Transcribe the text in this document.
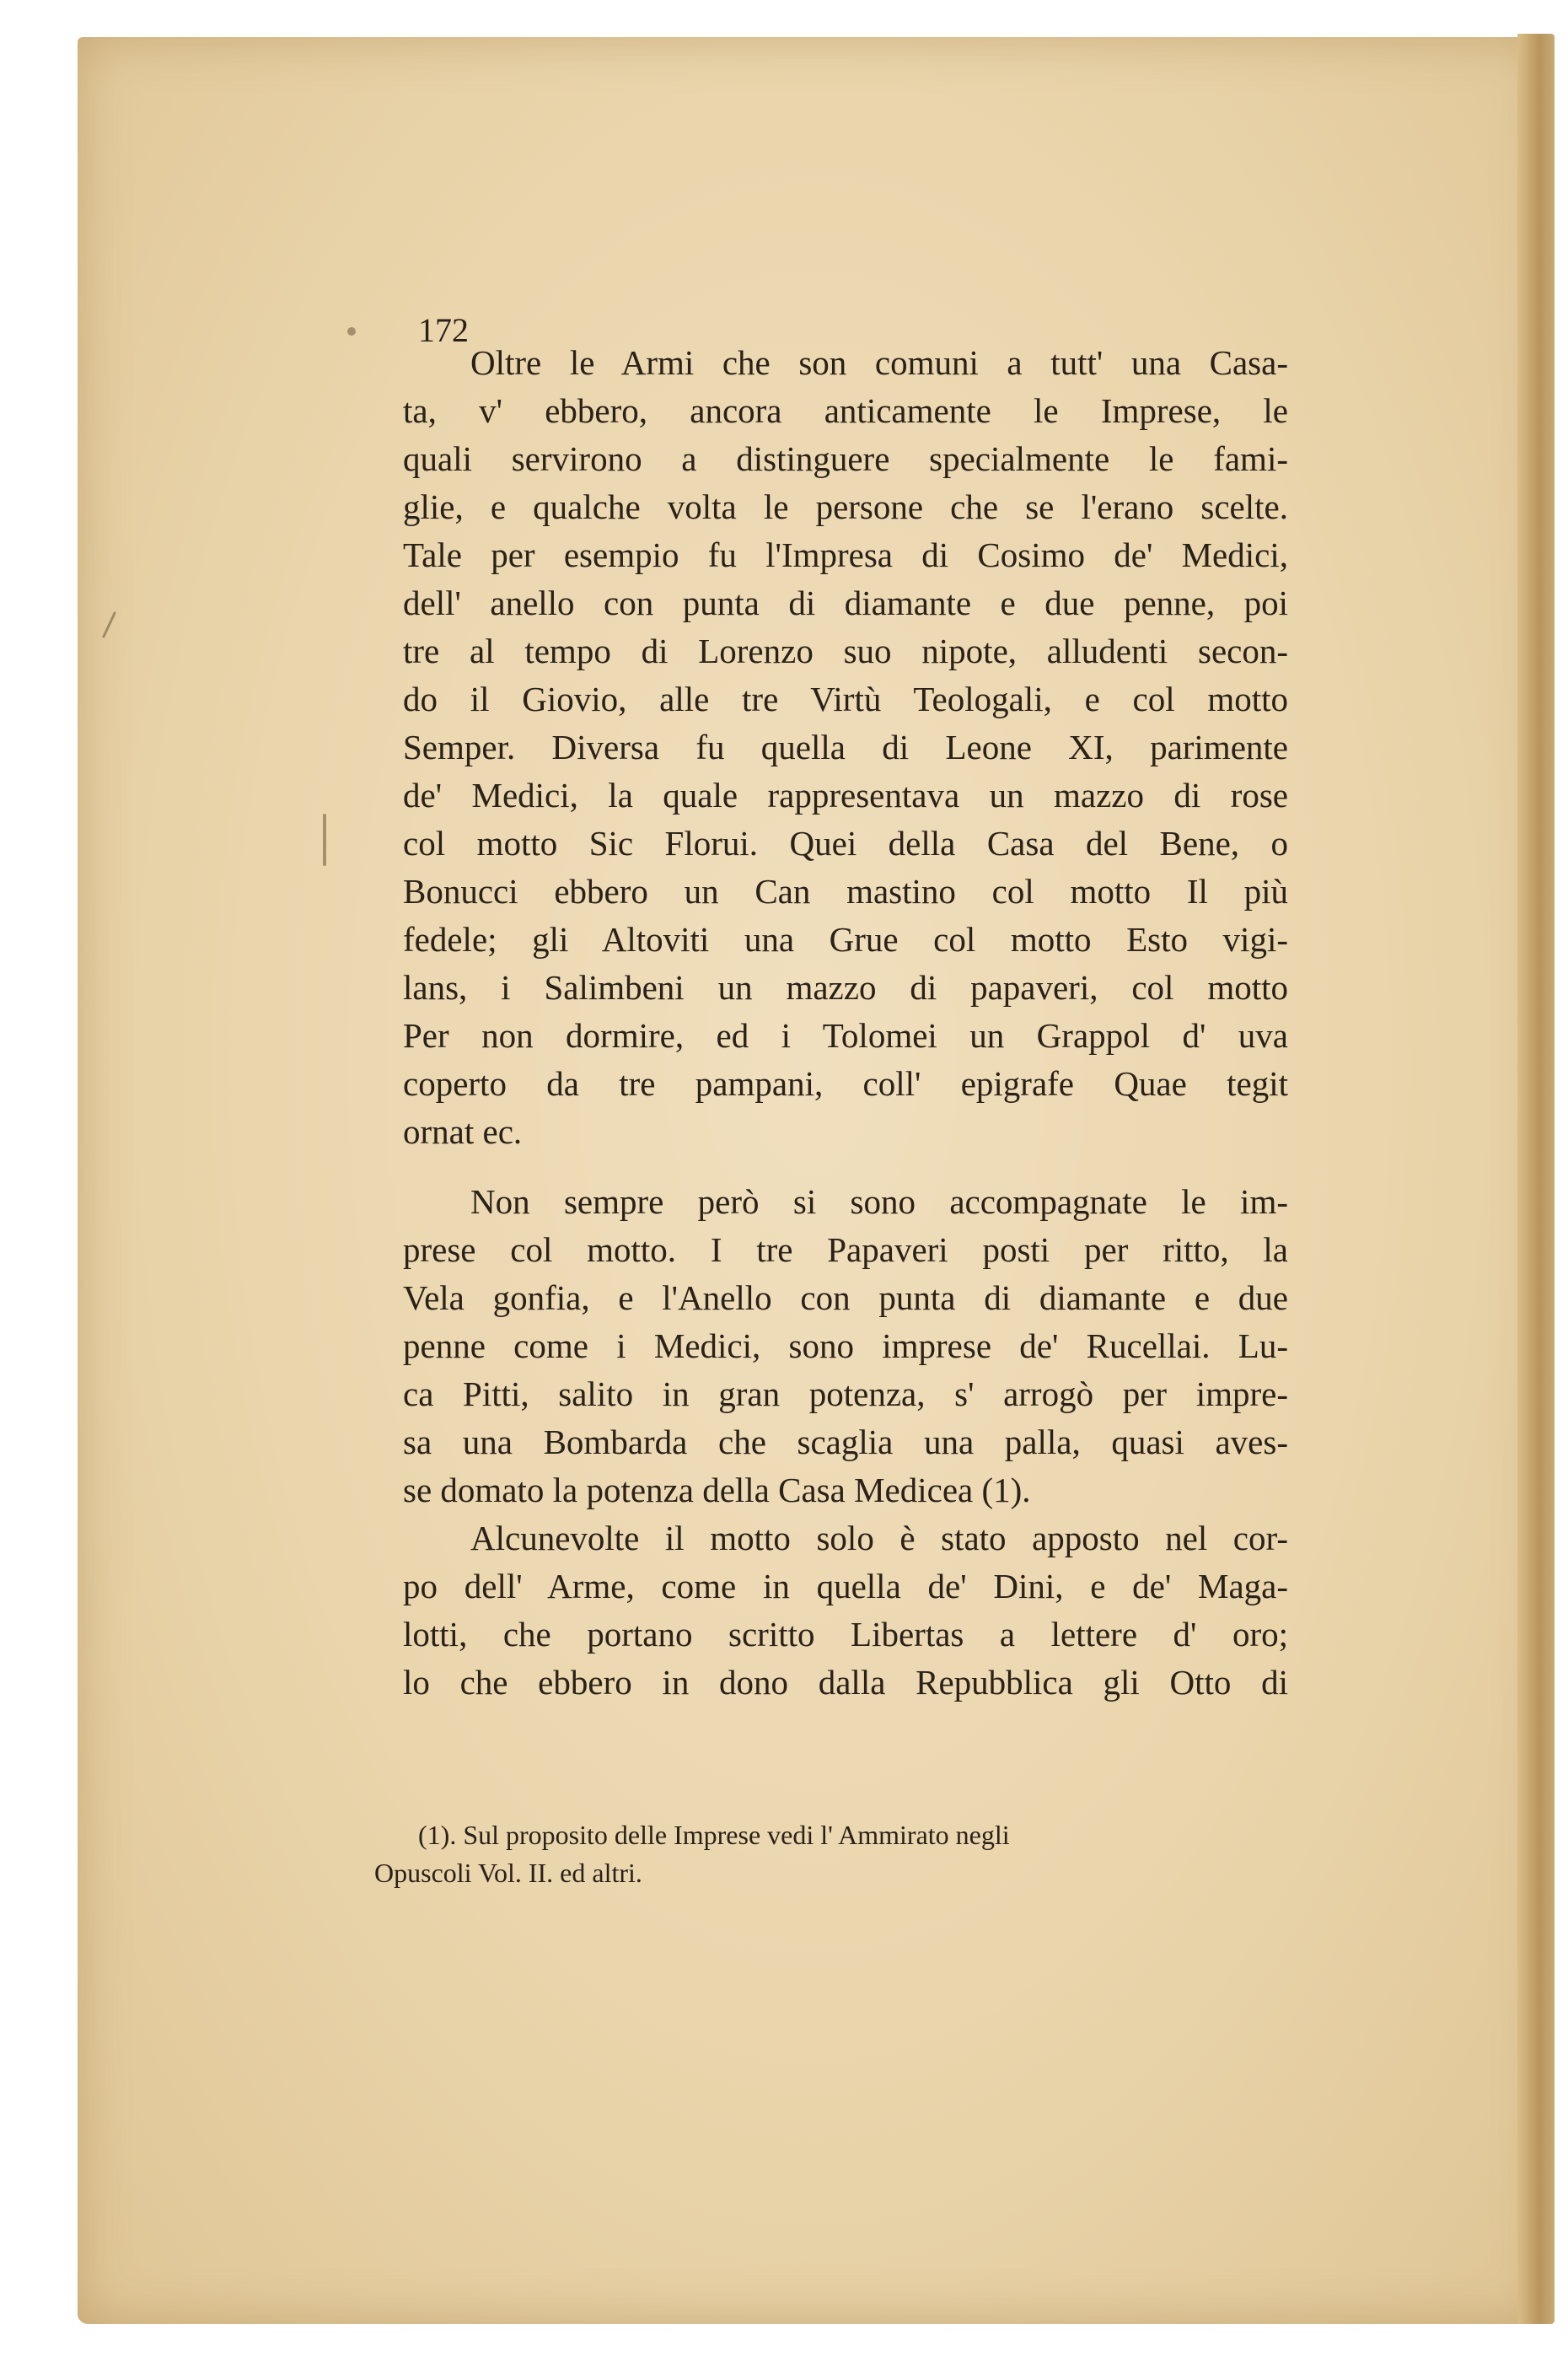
172
Oltre le Armi che son comuni a tutt' una Casa-
ta, v' ebbero, ancora anticamente le Imprese, le
quali servirono a distinguere specialmente le fami-
glie, e qualche volta le persone che se l'erano scelte.
Tale per esempio fu l'Impresa di Cosimo de' Medici,
dell' anello con punta di diamante e due penne, poi
tre al tempo di Lorenzo suo nipote, alludenti secon-
do il Giovio, alle tre Virtù Teologali, e col motto
Semper. Diversa fu quella di Leone XI, parimente
de' Medici, la quale rappresentava un mazzo di rose
col motto Sic Florui. Quei della Casa del Bene, o
Bonucci ebbero un Can mastino col motto Il più
fedele; gli Altoviti una Grue col motto Esto vigi-
lans, i Salimbeni un mazzo di papaveri, col motto
Per non dormire, ed i Tolomei un Grappol d' uva
coperto da tre pampani, coll' epigrafe Quae tegit
ornat ec.
Non sempre però si sono accompagnate le im-
prese col motto. I tre Papaveri posti per ritto, la
Vela gonfia, e l'Anello con punta di diamante e due
penne come i Medici, sono imprese de' Rucellai. Lu-
ca Pitti, salito in gran potenza, s' arrogò per impre-
sa una Bombarda che scaglia una palla, quasi aves-
se domato la potenza della Casa Medicea (1).
Alcunevolte il motto solo è stato apposto nel cor-
po dell' Arme, come in quella de' Dini, e de' Maga-
lotti, che portano scritto Libertas a lettere d' oro;
lo che ebbero in dono dalla Repubblica gli Otto di
(1). Sul proposito delle Imprese vedi l' Ammirato negli
Opuscoli Vol. II. ed altri.
